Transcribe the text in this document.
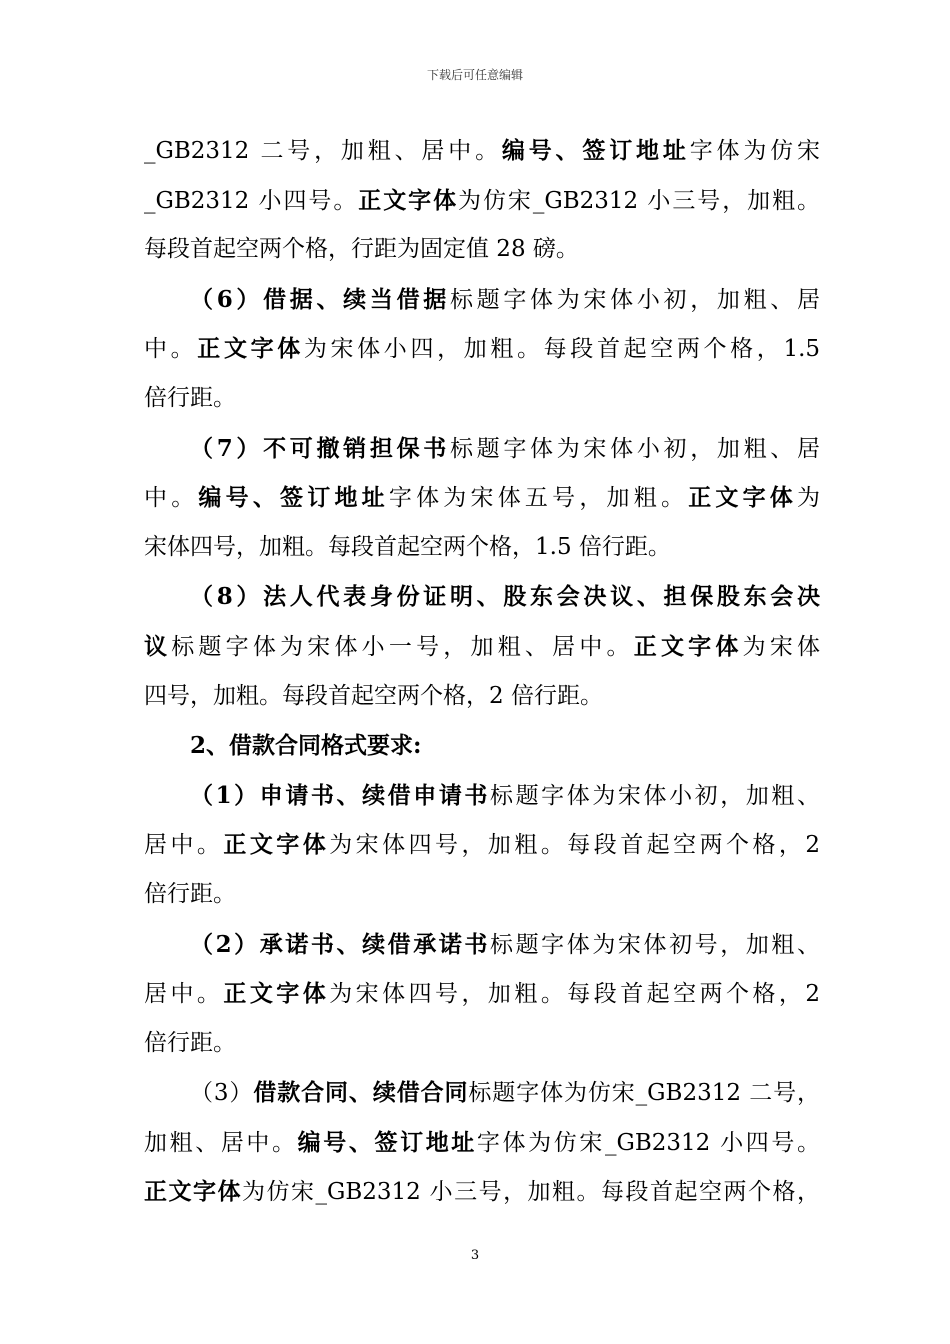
下载后可任意编辑
_GB2312 二号，加粗、居中。编号、签订地址字体为仿宋
_GB2312 小四号。正文字体为仿宋_GB2312 小三号，加粗。
每段首起空两个格，行距为固定值 28 磅。
（6）借据、续当借据标题字体为宋体小初，加粗、居
中。正文字体为宋体小四，加粗。每段首起空两个格，1.5
倍行距。
（7）不可撤销担保书标题字体为宋体小初，加粗、居
中。编号、签订地址字体为宋体五号，加粗。正文字体为
宋体四号，加粗。每段首起空两个格，1.5 倍行距。
（8）法人代表身份证明、股东会决议、担保股东会决
议标题字体为宋体小一号，加粗、居中。正文字体为宋体
四号，加粗。每段首起空两个格，2 倍行距。
2、借款合同格式要求:
（1）申请书、续借申请书标题字体为宋体小初，加粗、
居中。正文字体为宋体四号，加粗。每段首起空两个格，2
倍行距。
（2）承诺书、续借承诺书标题字体为宋体初号，加粗、
居中。正文字体为宋体四号，加粗。每段首起空两个格，2
倍行距。
（3）借款合同、续借合同标题字体为仿宋_GB2312 二号，
加粗、居中。编号、签订地址字体为仿宋_GB2312 小四号。
正文字体为仿宋_GB2312 小三号，加粗。每段首起空两个格，
3
